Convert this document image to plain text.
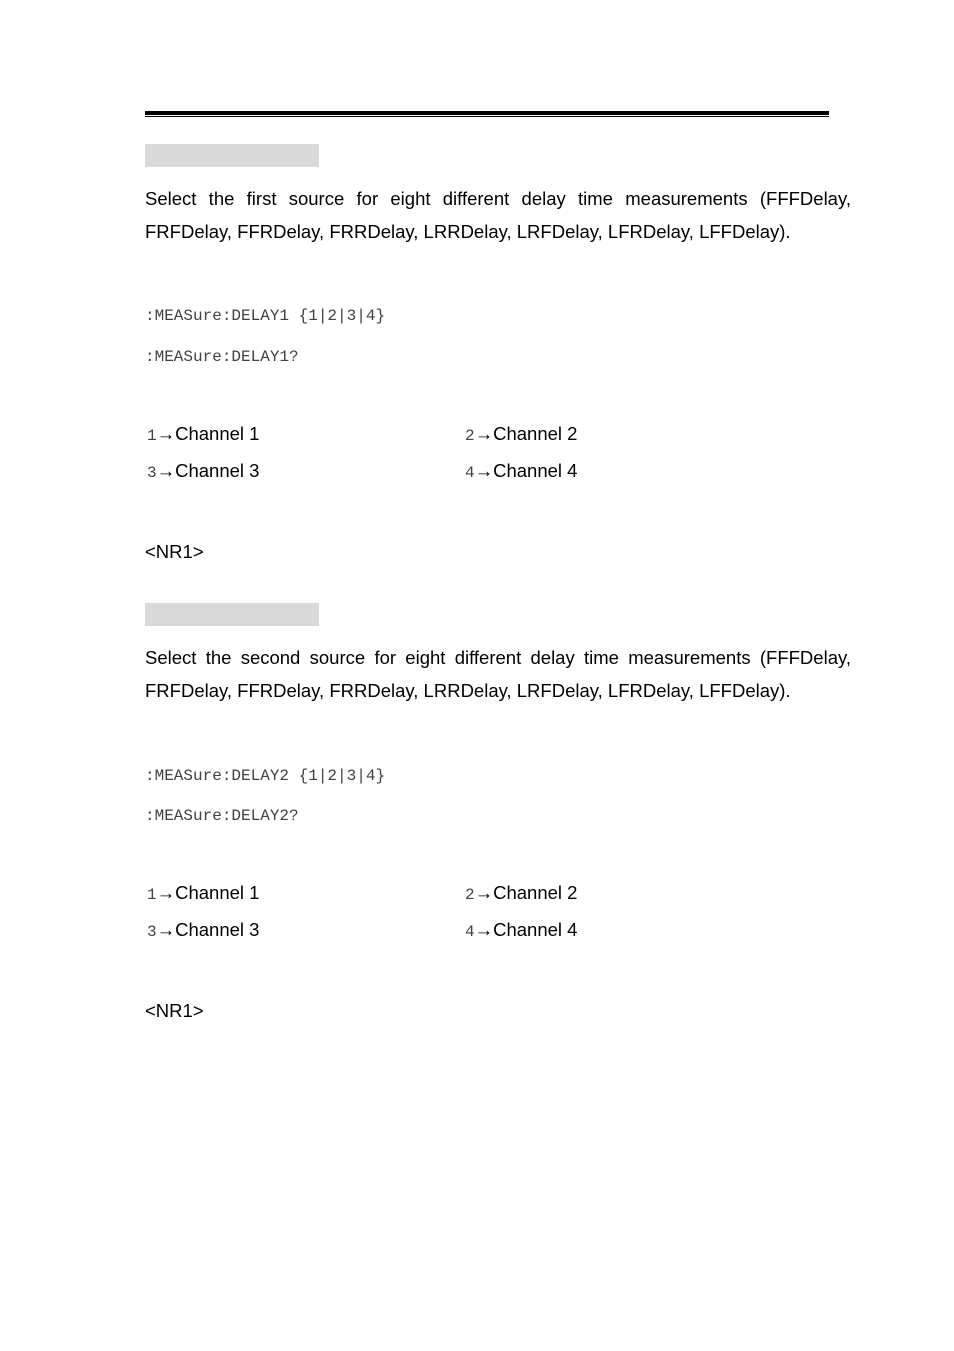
Select the first source for eight different delay time measurements (FFFDelay, FRFDelay, FFRDelay, FRRDelay, LRRDelay, LRFDelay, LFRDelay, LFFDelay).

:MEASure:DELAY1 {1|2|3|4}
:MEASure:DELAY1?
1→Channel 1	2→Channel 2
3→Channel 3	4→Channel 4
<NR1>

Select the second source for eight different delay time measurements (FFFDelay, FRFDelay, FFRDelay, FRRDelay, LRRDelay, LRFDelay, LFRDelay, LFFDelay).

:MEASure:DELAY2 {1|2|3|4}
:MEASure:DELAY2?
1→Channel 1	2→Channel 2
3→Channel 3	4→Channel 4
<NR1>
